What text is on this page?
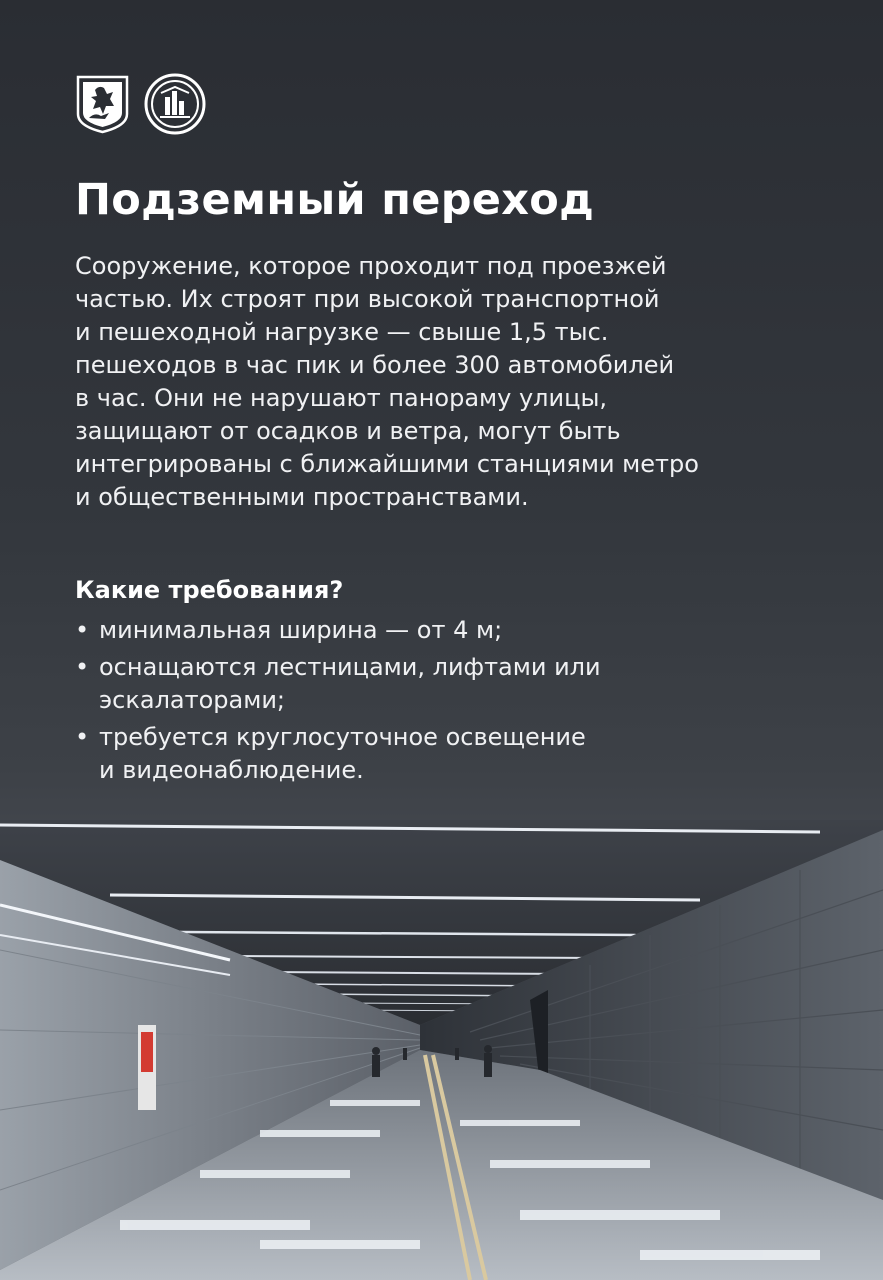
Подземный переход

Сооружение, которое проходит под проезжей
частью. Их строят при высокой транспортной
и пешеходной нагрузке — свыше 1,5 тыс.
пешеходов в час пик и более 300 автомобилей
в час. Они не нарушают панораму улицы,
защищают от осадков и ветра, могут быть
интегрированы с ближайшими станциями метро
и общественными пространствами.

Какие требования?
• минимальная ширина — от 4 м;
• оснащаются лестницами, лифтами или
эскалаторами;
• требуется круглосуточное освещение
и видеонаблюдение.
